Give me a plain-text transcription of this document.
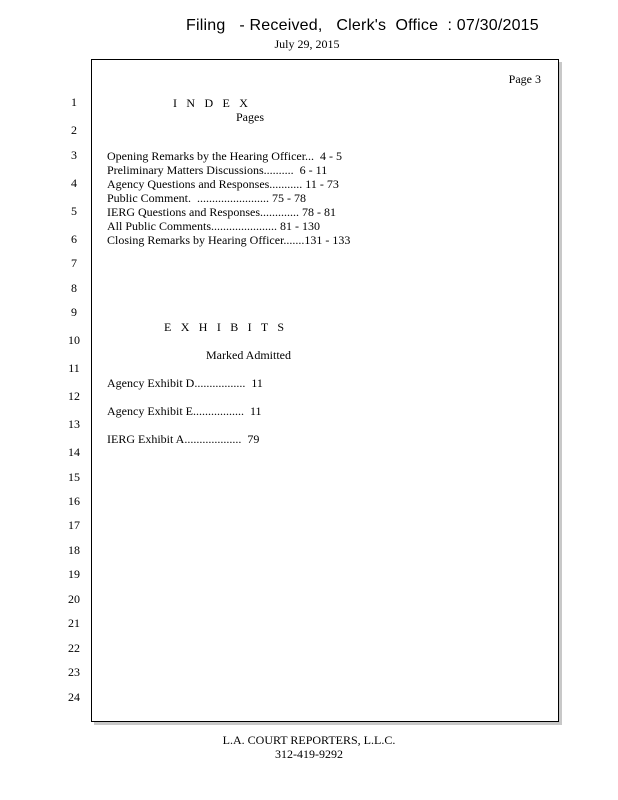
Filing   - Received,   Clerk's  Office  : 07/30/2015
July 29, 2015
Page 3
I N D E X
Pages
Opening Remarks by the Hearing Officer...  4 - 5
Preliminary Matters Discussions..........  6 - 11
Agency Questions and Responses........... 11 - 73
Public Comment.  ........................ 75 - 78
IERG Questions and Responses............. 78 - 81
All Public Comments...................... 81 - 130
Closing Remarks by Hearing Officer.......131 - 133
E X H I B I T S
Marked Admitted
Agency Exhibit D.................  11
Agency Exhibit E.................  11
IERG Exhibit A...................  79
1
2
3
4
5
6
7
8
9
10
11
12
13
14
15
16
17
18
19
20
21
22
23
24
L.A. COURT REPORTERS, L.L.C.
312-419-9292
